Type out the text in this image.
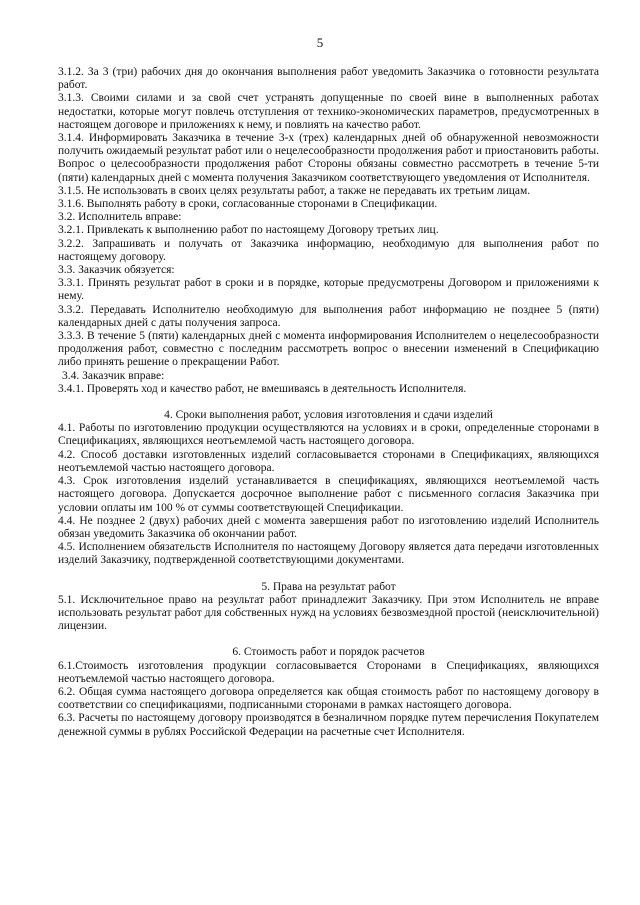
5

3.1.2. За 3 (три) рабочих дня до окончания выполнения работ уведомить Заказчика о готовности результата работ.

3.1.3. Своими силами и за свой счет устранять допущенные по своей вине в выполненных работах недостатки, которые могут повлечь отступления от технико-экономических параметров, предусмотренных в настоящем договоре и приложениях к нему, и повлиять на качество работ.

3.1.4. Информировать Заказчика в течение 3-х (трех) календарных дней об обнаруженной невозможности получить ожидаемый результат работ или о нецелесообразности продолжения работ и приостановить работы. Вопрос о целесообразности продолжения работ Стороны обязаны совместно рассмотреть в течение 5-ти (пяти) календарных дней с момента получения Заказчиком соответствующего уведомления от Исполнителя.

3.1.5. Не использовать в своих целях результаты работ, а также не передавать их третьим лицам.

3.1.6. Выполнять работу в сроки, согласованные сторонами в Спецификации.

3.2. Исполнитель вправе:

3.2.1. Привлекать к выполнению работ по настоящему Договору третьих лиц.

3.2.2. Запрашивать и получать от Заказчика информацию, необходимую для выполнения работ по настоящему договору.

3.3. Заказчик обязуется:

3.3.1. Принять результат работ в сроки и в порядке, которые предусмотрены Договором и приложениями к нему.

3.3.2. Передавать Исполнителю необходимую для выполнения работ информацию не позднее 5 (пяти) календарных дней с даты получения запроса.

3.3.3. В течение 5 (пяти) календарных дней с момента информирования Исполнителем о нецелесообразности продолжения работ, совместно с последним рассмотреть вопрос о внесении изменений в Спецификацию либо принять решение о прекращении Работ.

3.4. Заказчик вправе:

3.4.1. Проверять ход и качество работ, не вмешиваясь в деятельность Исполнителя.

4. Сроки выполнения работ, условия изготовления и сдачи изделий

4.1. Работы по изготовлению продукции осуществляются на условиях и в сроки, определенные сторонами в Спецификациях, являющихся неотъемлемой часть настоящего договора.

4.2. Способ доставки изготовленных изделий согласовывается сторонами в Спецификациях, являющихся неотъемлемой частью настоящего договора.

4.3. Срок изготовления изделий устанавливается в спецификациях, являющихся неотъемлемой часть настоящего договора. Допускается досрочное выполнение работ с письменного согласия Заказчика при условии оплаты им 100 % от суммы соответствующей Спецификации.

4.4. Не позднее 2 (двух) рабочих дней с момента завершения работ по изготовлению изделий Исполнитель обязан уведомить Заказчика об окончании работ.

4.5. Исполнением обязательств Исполнителя по настоящему Договору является дата передачи изготовленных изделий Заказчику, подтвержденной соответствующими документами.

5. Права на результат работ

5.1. Исключительное право на результат работ принадлежит Заказчику. При этом Исполнитель не вправе использовать результат работ для собственных нужд на условиях безвозмездной простой (неисключительной) лицензии.

6. Стоимость работ и порядок расчетов

6.1.Стоимость изготовления продукции согласовывается Сторонами в Спецификациях, являющихся неотъемлемой частью настоящего договора.

6.2. Общая сумма настоящего договора определяется как общая стоимость работ по настоящему договору в соответствии со спецификациями, подписанными сторонами в рамках настоящего договора.

6.3. Расчеты по настоящему договору производятся в безналичном порядке путем перечисления Покупателем денежной суммы в рублях Российской Федерации на расчетные счет Исполнителя.
